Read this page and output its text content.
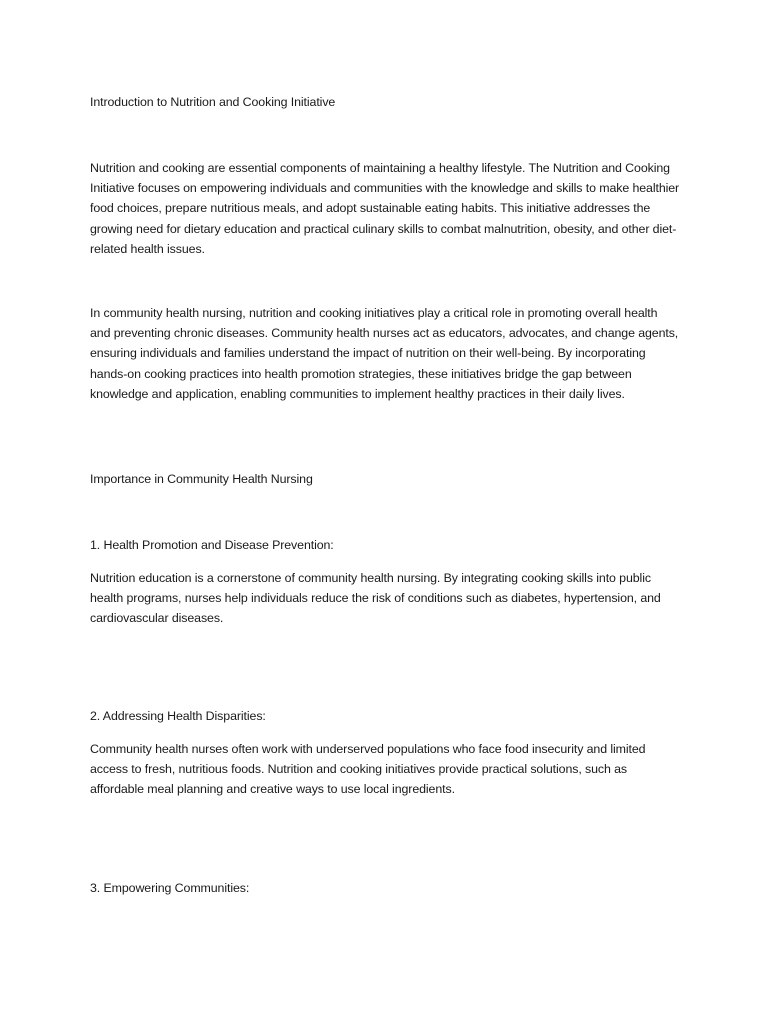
Introduction to Nutrition and Cooking Initiative

Nutrition and cooking are essential components of maintaining a healthy lifestyle. The Nutrition and Cooking Initiative focuses on empowering individuals and communities with the knowledge and skills to make healthier food choices, prepare nutritious meals, and adopt sustainable eating habits. This initiative addresses the growing need for dietary education and practical culinary skills to combat malnutrition, obesity, and other diet-related health issues.

In community health nursing, nutrition and cooking initiatives play a critical role in promoting overall health and preventing chronic diseases. Community health nurses act as educators, advocates, and change agents, ensuring individuals and families understand the impact of nutrition on their well-being. By incorporating hands-on cooking practices into health promotion strategies, these initiatives bridge the gap between knowledge and application, enabling communities to implement healthy practices in their daily lives.

Importance in Community Health Nursing

1. Health Promotion and Disease Prevention:

Nutrition education is a cornerstone of community health nursing. By integrating cooking skills into public health programs, nurses help individuals reduce the risk of conditions such as diabetes, hypertension, and cardiovascular diseases.

2. Addressing Health Disparities:

Community health nurses often work with underserved populations who face food insecurity and limited access to fresh, nutritious foods. Nutrition and cooking initiatives provide practical solutions, such as affordable meal planning and creative ways to use local ingredients.

3. Empowering Communities:
